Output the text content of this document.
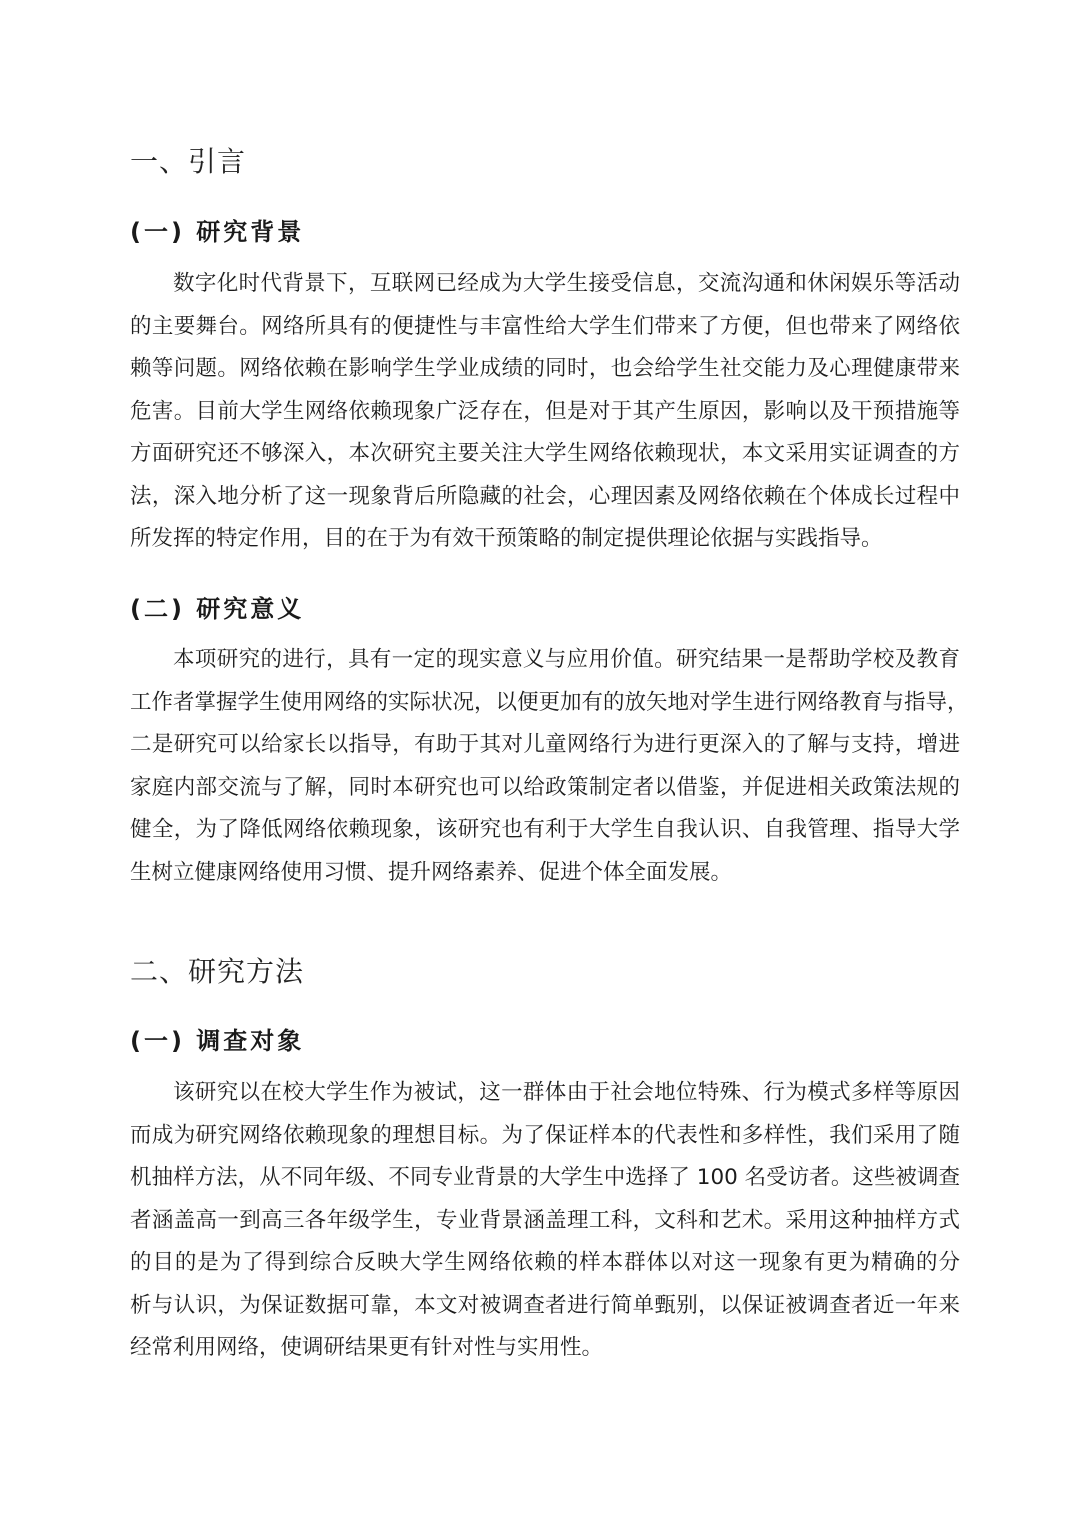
一、引言
(一) 研究背景
数字化时代背景下，互联网已经成为大学生接受信息，交流沟通和休闲娱乐等活动
的主要舞台。网络所具有的便捷性与丰富性给大学生们带来了方便，但也带来了网络依
赖等问题。网络依赖在影响学生学业成绩的同时，也会给学生社交能力及心理健康带来
危害。目前大学生网络依赖现象广泛存在，但是对于其产生原因，影响以及干预措施等
方面研究还不够深入，本次研究主要关注大学生网络依赖现状，本文采用实证调查的方
法，深入地分析了这一现象背后所隐藏的社会，心理因素及网络依赖在个体成长过程中
所发挥的特定作用，目的在于为有效干预策略的制定提供理论依据与实践指导。
(二) 研究意义
本项研究的进行，具有一定的现实意义与应用价值。研究结果一是帮助学校及教育
工作者掌握学生使用网络的实际状况，以便更加有的放矢地对学生进行网络教育与指导，
二是研究可以给家长以指导，有助于其对儿童网络行为进行更深入的了解与支持，增进
家庭内部交流与了解，同时本研究也可以给政策制定者以借鉴，并促进相关政策法规的
健全，为了降低网络依赖现象，该研究也有利于大学生自我认识、自我管理、指导大学
生树立健康网络使用习惯、提升网络素养、促进个体全面发展。
二、研究方法
(一) 调查对象
该研究以在校大学生作为被试，这一群体由于社会地位特殊、行为模式多样等原因
而成为研究网络依赖现象的理想目标。为了保证样本的代表性和多样性，我们采用了随
机抽样方法，从不同年级、不同专业背景的大学生中选择了 100 名受访者。这些被调查
者涵盖高一到高三各年级学生，专业背景涵盖理工科，文科和艺术。采用这种抽样方式
的目的是为了得到综合反映大学生网络依赖的样本群体以对这一现象有更为精确的分
析与认识，为保证数据可靠，本文对被调查者进行简单甄别，以保证被调查者近一年来
经常利用网络，使调研结果更有针对性与实用性。
